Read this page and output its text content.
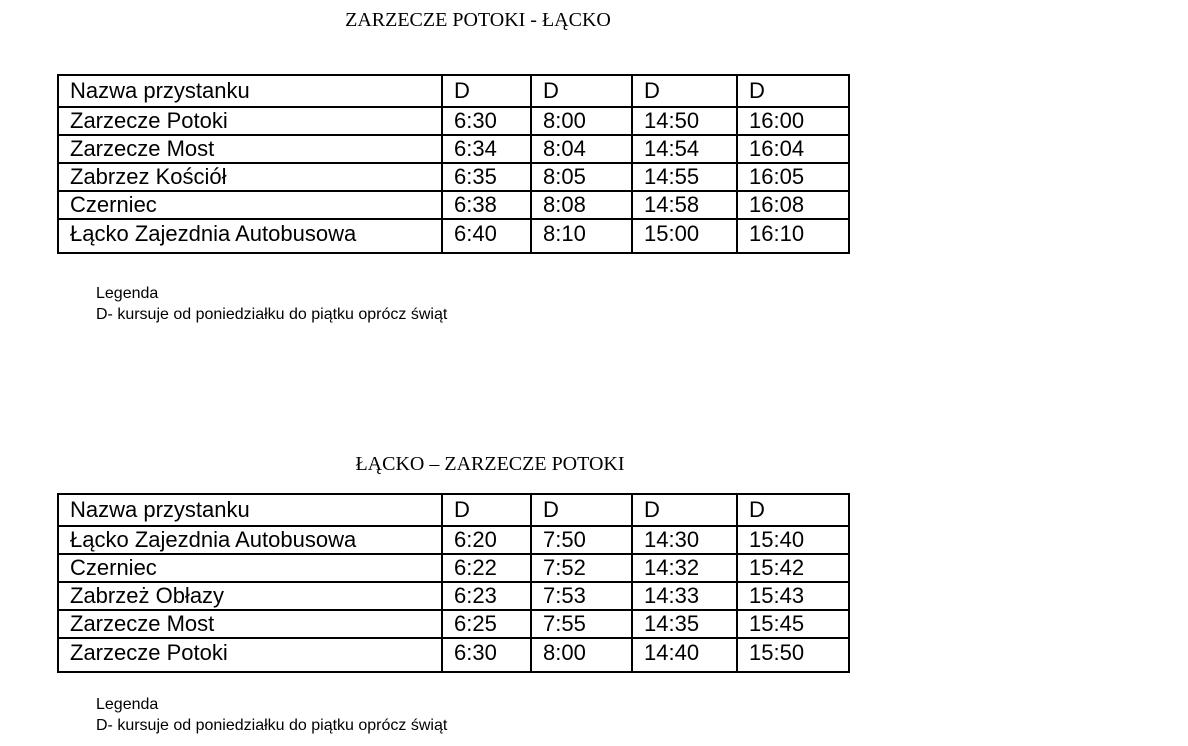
ZARZECZE POTOKI - ŁĄCKO
Nazwa przystanku	D	D	D	D
Zarzecze Potoki	6:30	8:00	14:50	16:00
Zarzecze Most	6:34	8:04	14:54	16:04
Zabrzez Kościół	6:35	8:05	14:55	16:05
Czerniec	6:38	8:08	14:58	16:08
Łącko Zajezdnia Autobusowa	6:40	8:10	15:00	16:10
Legenda
D- kursuje od poniedziałku do piątku oprócz świąt
ŁĄCKO – ZARZECZE POTOKI
Nazwa przystanku	D	D	D	D
Łącko Zajezdnia Autobusowa	6:20	7:50	14:30	15:40
Czerniec	6:22	7:52	14:32	15:42
Zabrzeż Obłazy	6:23	7:53	14:33	15:43
Zarzecze Most	6:25	7:55	14:35	15:45
Zarzecze Potoki	6:30	8:00	14:40	15:50
Legenda
D- kursuje od poniedziałku do piątku oprócz świąt
